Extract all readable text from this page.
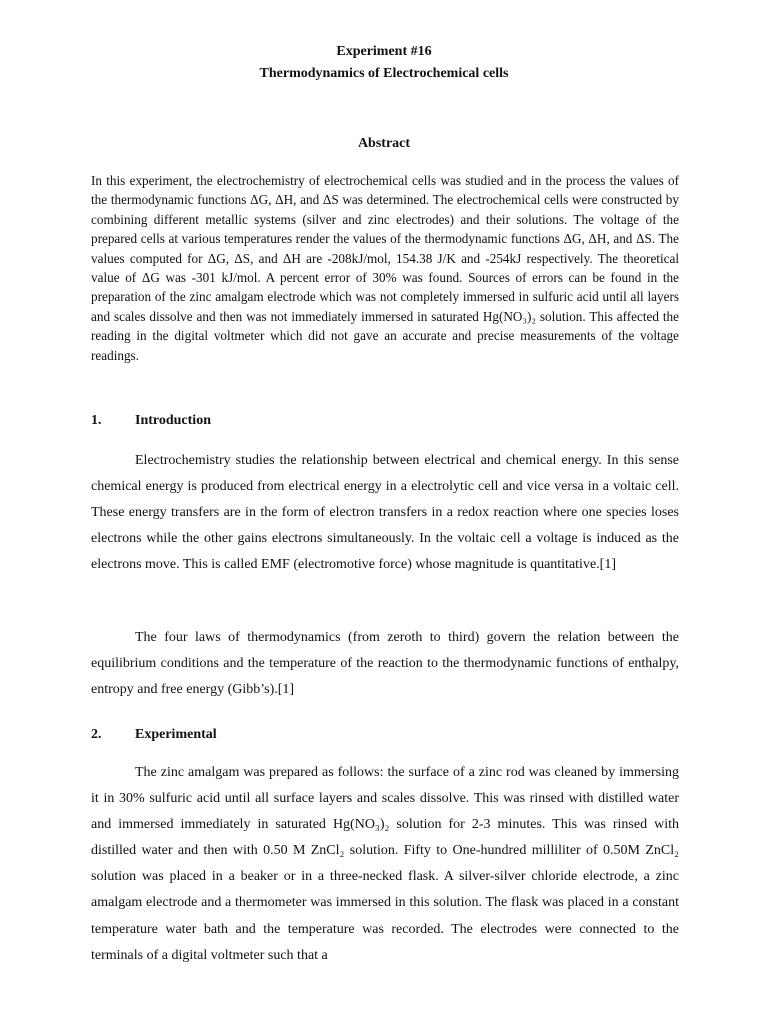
Experiment #16
Thermodynamics of Electrochemical cells
Abstract

In this experiment, the electrochemistry of electrochemical cells was studied and in the process the values of the thermodynamic functions ΔG, ΔH, and ΔS was determined. The electrochemical cells were constructed by combining different metallic systems (silver and zinc electrodes) and their solutions. The voltage of the prepared cells at various temperatures render the values of the thermodynamic functions ΔG, ΔH, and ΔS. The values computed for ΔG, ΔS, and ΔH are -208kJ/mol, 154.38 J/K and -254kJ respectively. The theoretical value of ΔG was -301 kJ/mol. A percent error of 30% was found. Sources of errors can be found in the preparation of the zinc amalgam electrode which was not completely immersed in sulfuric acid until all layers and scales dissolve and then was not immediately immersed in saturated Hg(NO₃)₂ solution. This affected the reading in the digital voltmeter which did not gave an accurate and precise measurements of the voltage readings.

1. Introduction

Electrochemistry studies the relationship between electrical and chemical energy. In this sense chemical energy is produced from electrical energy in a electrolytic cell and vice versa in a voltaic cell. These energy transfers are in the form of electron transfers in a redox reaction where one species loses electrons while the other gains electrons simultaneously. In the voltaic cell a voltage is induced as the electrons move. This is called EMF (electromotive force) whose magnitude is quantitative.[1]

The four laws of thermodynamics (from zeroth to third) govern the relation between the equilibrium conditions and the temperature of the reaction to the thermodynamic functions of enthalpy, entropy and free energy (Gibb’s).[1]

2. Experimental

The zinc amalgam was prepared as follows: the surface of a zinc rod was cleaned by immersing it in 30% sulfuric acid until all surface layers and scales dissolve. This was rinsed with distilled water and immersed immediately in saturated Hg(NO₃)₂ solution for 2-3 minutes. This was rinsed with distilled water and then with 0.50 M ZnCl₂ solution. Fifty to One-hundred milliliter of 0.50M ZnCl₂ solution was placed in a beaker or in a three-necked flask. A silver-silver chloride electrode, a zinc amalgam electrode and a thermometer was immersed in this solution. The flask was placed in a constant temperature water bath and the temperature was recorded. The electrodes were connected to the terminals of a digital voltmeter such that a
